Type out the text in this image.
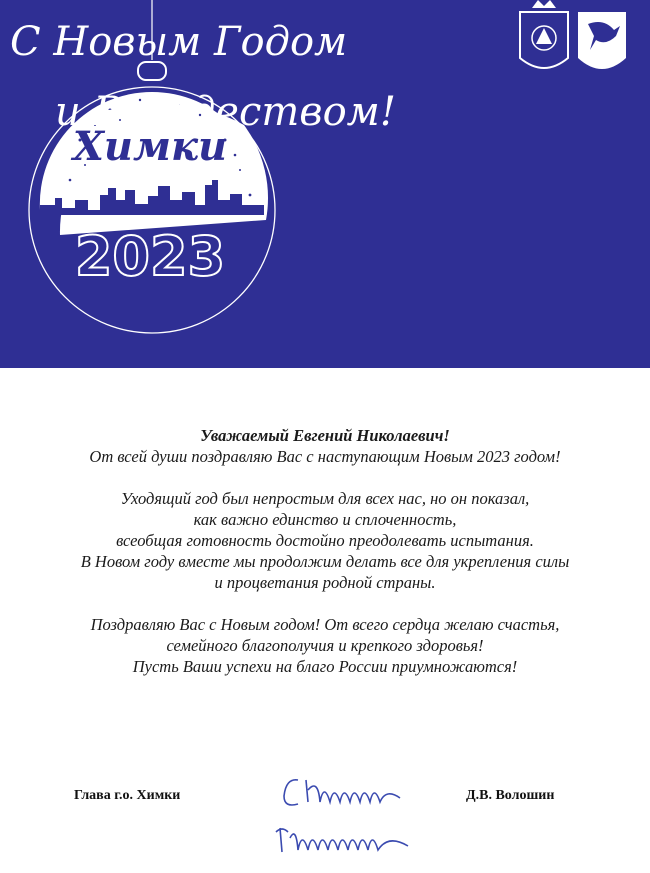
Химки
2023
С Новым Годом
и Рождеством!

Уважаемый Евгений Николаевич!

От всей души поздравляю Вас с наступающим Новым 2023 годом!

Уходящий год был непростым для всех нас, но он показал,

как важно единство и сплоченность,

всеобщая готовность достойно преодолевать испытания.

В Новом году вместе мы продолжим делать все для укрепления силы

и процветания родной страны.

Поздравляю Вас с Новым годом! От всего сердца желаю счастья,

семейного благополучия и крепкого здоровья!

Пусть Ваши успехи на благо России приумножаются!

Глава г.о. Химки	Д.В. Волошин
